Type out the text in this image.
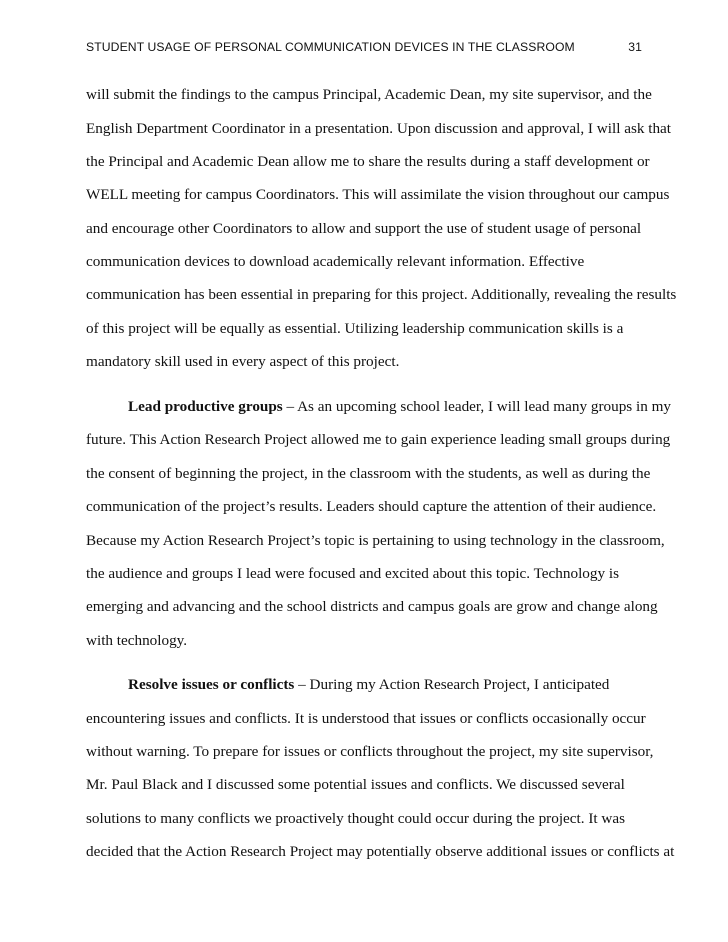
STUDENT USAGE OF PERSONAL COMMUNICATION DEVICES IN THE CLASSROOM	31
will submit the findings to the campus Principal, Academic Dean, my site supervisor, and the
English Department Coordinator in a presentation. Upon discussion and approval, I will ask that
the Principal and Academic Dean allow me to share the results during a staff development or
WELL meeting for campus Coordinators. This will assimilate the vision throughout our campus
and encourage other Coordinators to allow and support the use of student usage of personal
communication devices to download academically relevant information. Effective
communication has been essential in preparing for this project. Additionally, revealing the results
of this project will be equally as essential. Utilizing leadership communication skills is a
mandatory skill used in every aspect of this project.
Lead productive groups – As an upcoming school leader, I will lead many groups in my
future. This Action Research Project allowed me to gain experience leading small groups during
the consent of beginning the project, in the classroom with the students, as well as during the
communication of the project’s results. Leaders should capture the attention of their audience.
Because my Action Research Project’s topic is pertaining to using technology in the classroom,
the audience and groups I lead were focused and excited about this topic. Technology is
emerging and advancing and the school districts and campus goals are grow and change along
with technology.
Resolve issues or conflicts – During my Action Research Project, I anticipated
encountering issues and conflicts. It is understood that issues or conflicts occasionally occur
without warning. To prepare for issues or conflicts throughout the project, my site supervisor,
Mr. Paul Black and I discussed some potential issues and conflicts. We discussed several
solutions to many conflicts we proactively thought could occur during the project. It was
decided that the Action Research Project may potentially observe additional issues or conflicts at
